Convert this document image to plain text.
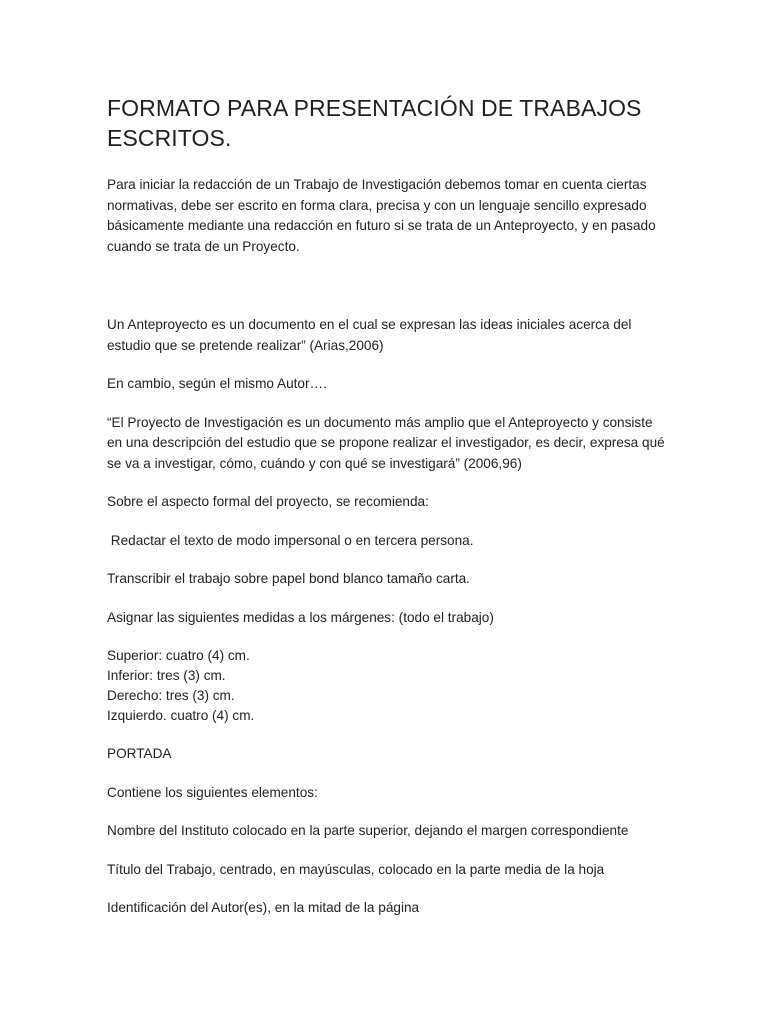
FORMATO PARA PRESENTACIÓN DE TRABAJOS ESCRITOS.

Para iniciar la redacción de un Trabajo de Investigación debemos tomar en cuenta ciertas normativas, debe ser escrito en forma clara, precisa y con un lenguaje sencillo expresado básicamente mediante una redacción en futuro si se trata de un Anteproyecto, y en pasado cuando se trata de un Proyecto.

Un Anteproyecto es un documento en el cual se expresan las ideas iniciales acerca del estudio que se pretende realizar” (Arias,2006)

En cambio, según el mismo Autor….

“El Proyecto de Investigación es un documento más amplio que el Anteproyecto y consiste en una descripción del estudio que se propone realizar el investigador, es decir, expresa qué se va a investigar, cómo, cuándo y con qué se investigará” (2006,96)

Sobre el aspecto formal del proyecto, se recomienda:

Redactar el texto de modo impersonal o en tercera persona.

Transcribir el trabajo sobre papel bond blanco tamaño carta.

Asignar las siguientes medidas a los márgenes: (todo el trabajo)

Superior: cuatro (4) cm.
Inferior: tres (3) cm.
Derecho: tres (3) cm.
Izquierdo. cuatro (4) cm.

PORTADA

Contiene los siguientes elementos:

Nombre del Instituto colocado en la parte superior, dejando el margen correspondiente

Título del Trabajo, centrado, en mayúsculas, colocado en la parte media de la hoja

Identificación del Autor(es), en la mitad de la página
